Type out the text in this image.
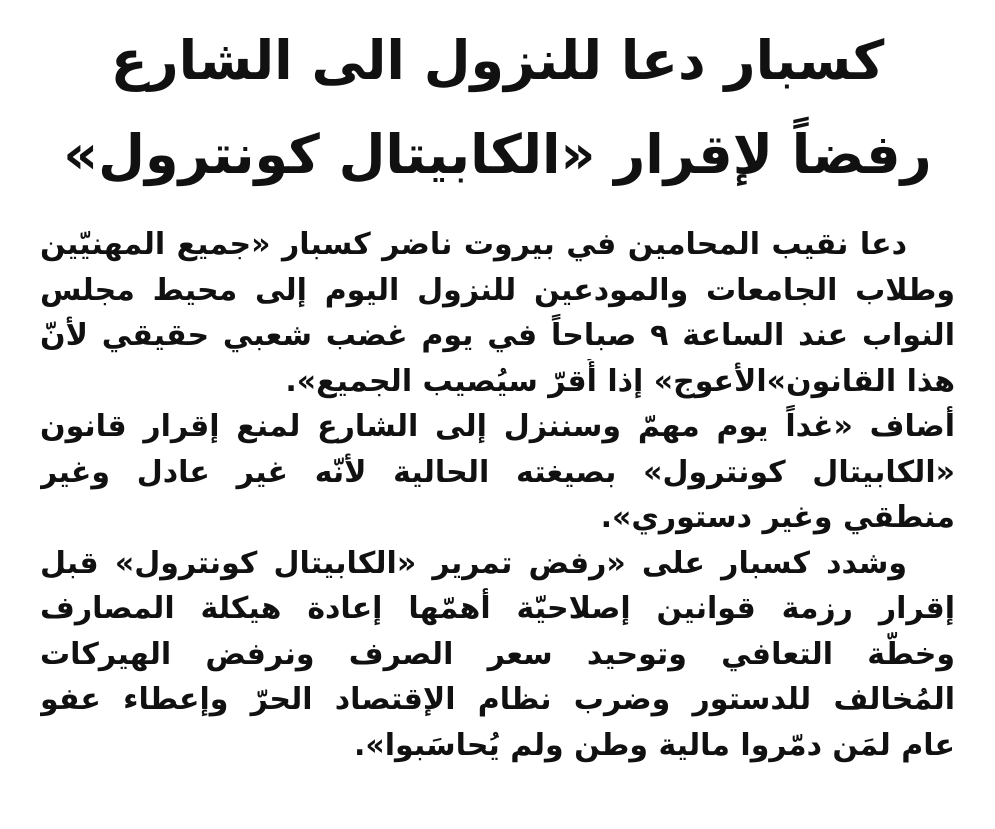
كسبار دعا للنزول الى الشارع
رفضاً لإقرار «الكابيتال كونترول»
دعا نقيب المحامين في بيروت ناضر كسبار «جميع المهنيّين
وطلاب الجامعات والمودعين للنزول اليوم إلى محيط مجلس
النواب عند الساعة ٩ صباحاً في يوم غضب شعبي حقيقي لأنّ
هذا القانون»الأعوج» إذا أُقرّ سيُصيب الجميع».
أضاف «غداً يوم مهمّ وسننزل إلى الشارع لمنع إقرار قانون
«الكابيتال كونترول» بصيغته الحالية لأنّه غير عادل وغير
منطقي وغير دستوري».
وشدد كسبار على «رفض تمرير «الكابيتال كونترول» قبل
إقرار رزمة قوانين إصلاحيّة أهمّها إعادة هيكلة المصارف
وخطّة التعافي وتوحيد سعر الصرف ونرفض الهيركات
المُخالف للدستور وضرب نظام الإقتصاد الحرّ وإعطاء عفو
عام لمَن دمّروا مالية وطن ولم يُحاسَبوا».
